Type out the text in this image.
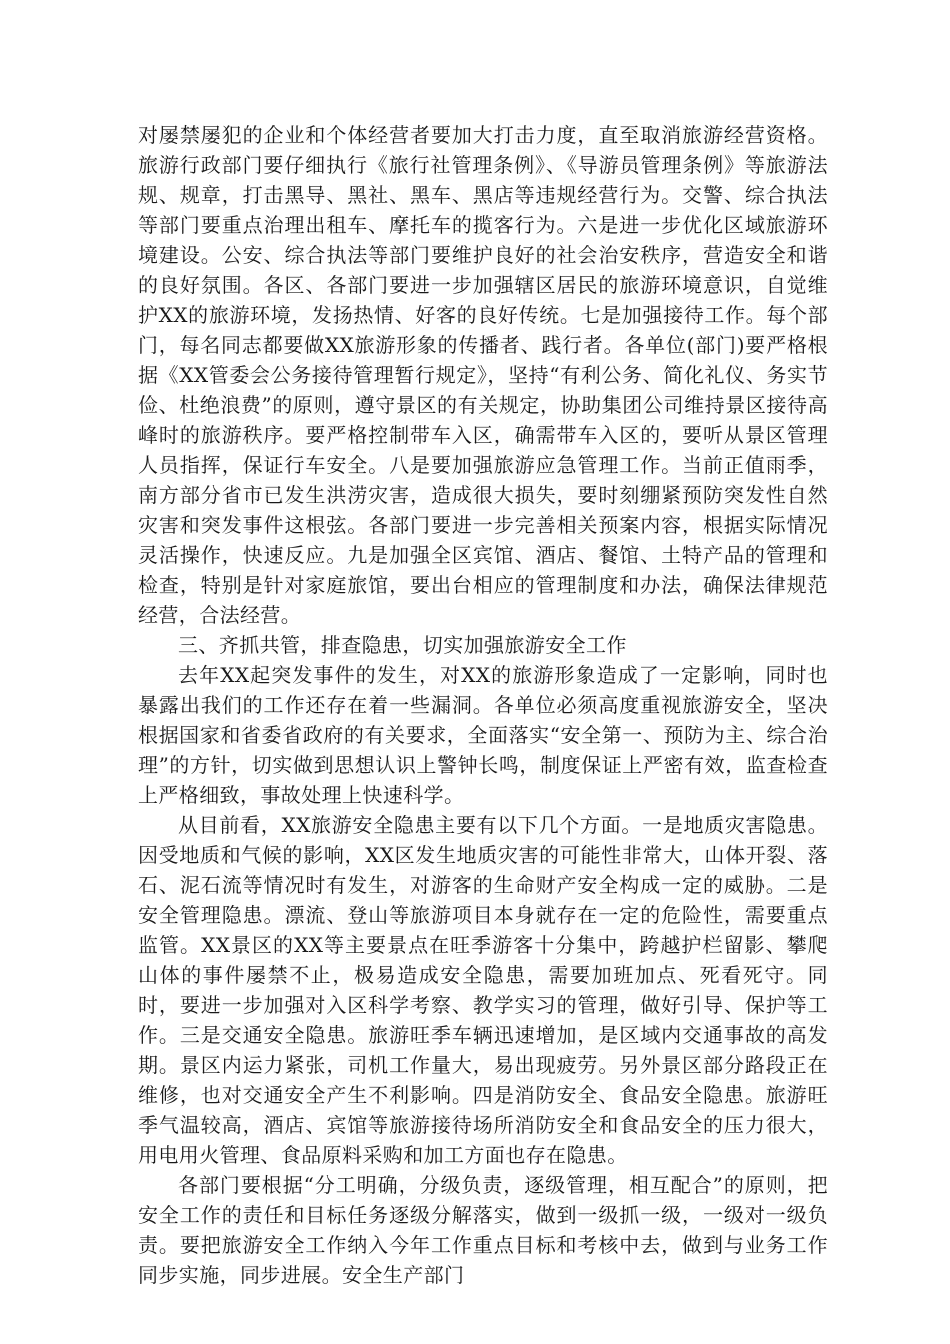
对屡禁屡犯的企业和个体经营者要加大打击力度，直至取消旅游经营资格。旅游行政部门要仔细执行《旅行社管理条例》、《导游员管理条例》等旅游法规、规章，打击黑导、黑社、黑车、黑店等违规经营行为。交警、综合执法等部门要重点治理出租车、摩托车的揽客行为。六是进一步优化区域旅游环境建设。公安、综合执法等部门要维护良好的社会治安秩序，营造安全和谐的良好氛围。各区、各部门要进一步加强辖区居民的旅游环境意识，自觉维护XX的旅游环境，发扬热情、好客的良好传统。七是加强接待工作。每个部门，每名同志都要做XX旅游形象的传播者、践行者。各单位(部门)要严格根据《XX管委会公务接待管理暂行规定》，坚持“有利公务、简化礼仪、务实节俭、杜绝浪费”的原则，遵守景区的有关规定，协助集团公司维持景区接待高峰时的旅游秩序。要严格控制带车入区，确需带车入区的，要听从景区管理人员指挥，保证行车安全。八是要加强旅游应急管理工作。当前正值雨季，南方部分省市已发生洪涝灾害，造成很大损失，要时刻绷紧预防突发性自然灾害和突发事件这根弦。各部门要进一步完善相关预案内容，根据实际情况灵活操作，快速反应。九是加强全区宾馆、酒店、餐馆、土特产品的管理和检查，特别是针对家庭旅馆，要出台相应的管理制度和办法，确保法律规范经营，合法经营。

三、齐抓共管，排查隐患，切实加强旅游安全工作

去年XX起突发事件的发生，对XX的旅游形象造成了一定影响，同时也暴露出我们的工作还存在着一些漏洞。各单位必须高度重视旅游安全，坚决根据国家和省委省政府的有关要求，全面落实“安全第一、预防为主、综合治理”的方针，切实做到思想认识上警钟长鸣，制度保证上严密有效，监查检查上严格细致，事故处理上快速科学。

从目前看，XX旅游安全隐患主要有以下几个方面。一是地质灾害隐患。因受地质和气候的影响，XX区发生地质灾害的可能性非常大，山体开裂、落石、泥石流等情况时有发生，对游客的生命财产安全构成一定的威胁。二是安全管理隐患。漂流、登山等旅游项目本身就存在一定的危险性，需要重点监管。XX景区的XX等主要景点在旺季游客十分集中，跨越护栏留影、攀爬山体的事件屡禁不止，极易造成安全隐患，需要加班加点、死看死守。同时，要进一步加强对入区科学考察、教学实习的管理，做好引导、保护等工作。三是交通安全隐患。旅游旺季车辆迅速增加，是区域内交通事故的高发期。景区内运力紧张，司机工作量大，易出现疲劳。另外景区部分路段正在维修，也对交通安全产生不利影响。四是消防安全、食品安全隐患。旅游旺季气温较高，酒店、宾馆等旅游接待场所消防安全和食品安全的压力很大，用电用火管理、食品原料采购和加工方面也存在隐患。

各部门要根据“分工明确，分级负责，逐级管理，相互配合”的原则，把安全工作的责任和目标任务逐级分解落实，做到一级抓一级，一级对一级负责。要把旅游安全工作纳入今年工作重点目标和考核中去，做到与业务工作同步实施，同步进展。安全生产部门
